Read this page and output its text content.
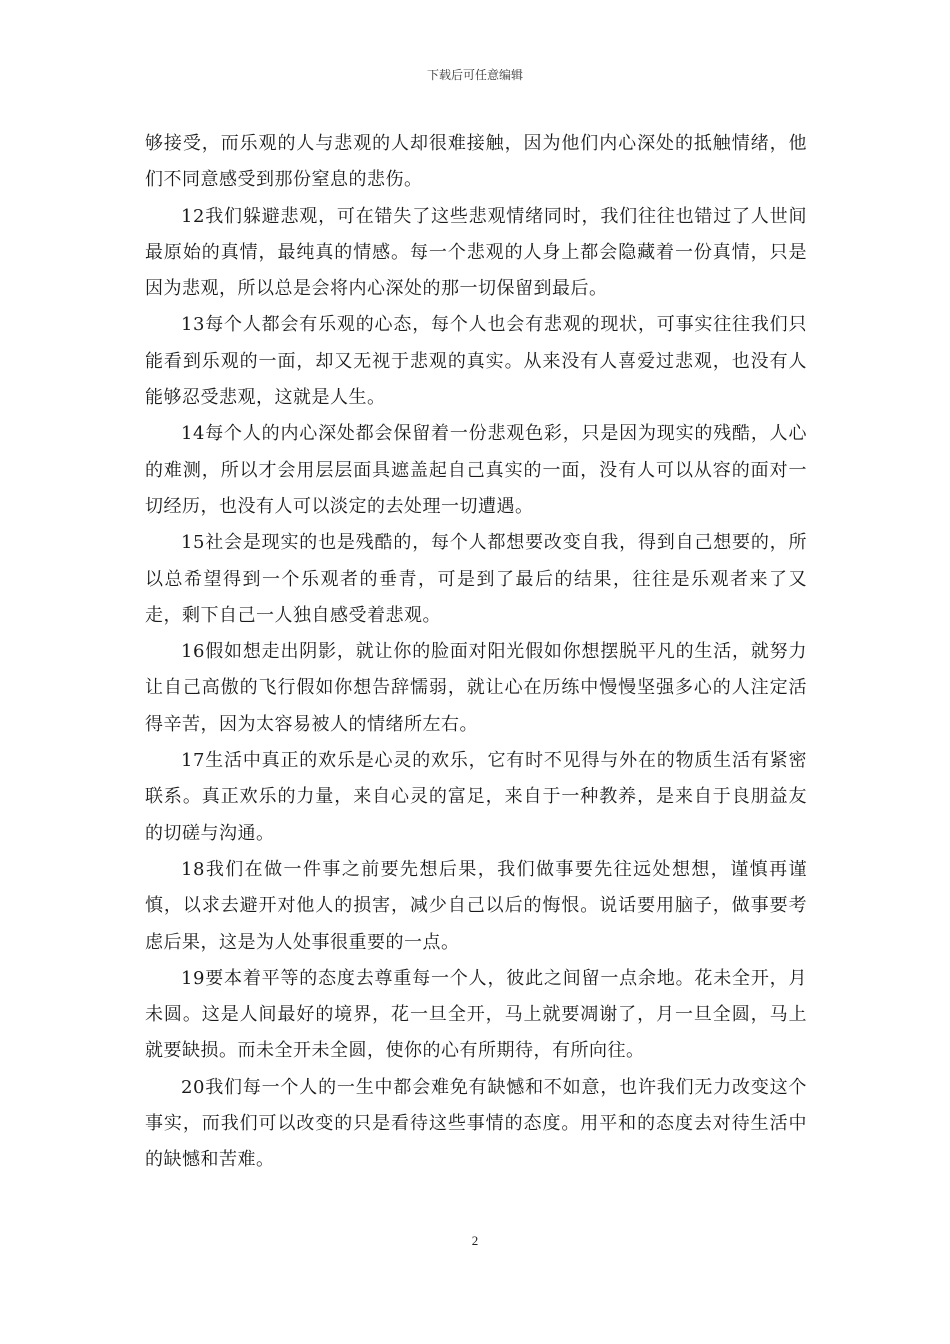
下载后可任意编辑

够接受，而乐观的人与悲观的人却很难接触，因为他们内心深处的抵触情绪，他们不同意感受到那份窒息的悲伤。

12我们躲避悲观，可在错失了这些悲观情绪同时，我们往往也错过了人世间最原始的真情，最纯真的情感。每一个悲观的人身上都会隐藏着一份真情，只是因为悲观，所以总是会将内心深处的那一切保留到最后。

13每个人都会有乐观的心态，每个人也会有悲观的现状，可事实往往我们只能看到乐观的一面，却又无视于悲观的真实。从来没有人喜爱过悲观，也没有人能够忍受悲观，这就是人生。

14每个人的内心深处都会保留着一份悲观色彩，只是因为现实的残酷，人心的难测，所以才会用层层面具遮盖起自己真实的一面，没有人可以从容的面对一切经历，也没有人可以淡定的去处理一切遭遇。

15社会是现实的也是残酷的，每个人都想要改变自我，得到自己想要的，所以总希望得到一个乐观者的垂青，可是到了最后的结果，往往是乐观者来了又走，剩下自己一人独自感受着悲观。

16假如想走出阴影，就让你的脸面对阳光假如你想摆脱平凡的生活，就努力让自己高傲的飞行假如你想告辞懦弱，就让心在历练中慢慢坚强多心的人注定活得辛苦，因为太容易被人的情绪所左右。

17生活中真正的欢乐是心灵的欢乐，它有时不见得与外在的物质生活有紧密联系。真正欢乐的力量，来自心灵的富足，来自于一种教养，是来自于良朋益友的切磋与沟通。

18我们在做一件事之前要先想后果，我们做事要先往远处想想，谨慎再谨慎，以求去避开对他人的损害，减少自己以后的悔恨。说话要用脑子，做事要考虑后果，这是为人处事很重要的一点。

19要本着平等的态度去尊重每一个人，彼此之间留一点余地。花未全开，月未圆。这是人间最好的境界，花一旦全开，马上就要凋谢了，月一旦全圆，马上就要缺损。而未全开未全圆，使你的心有所期待，有所向往。

20我们每一个人的一生中都会难免有缺憾和不如意，也许我们无力改变这个事实，而我们可以改变的只是看待这些事情的态度。用平和的态度去对待生活中的缺憾和苦难。

2
